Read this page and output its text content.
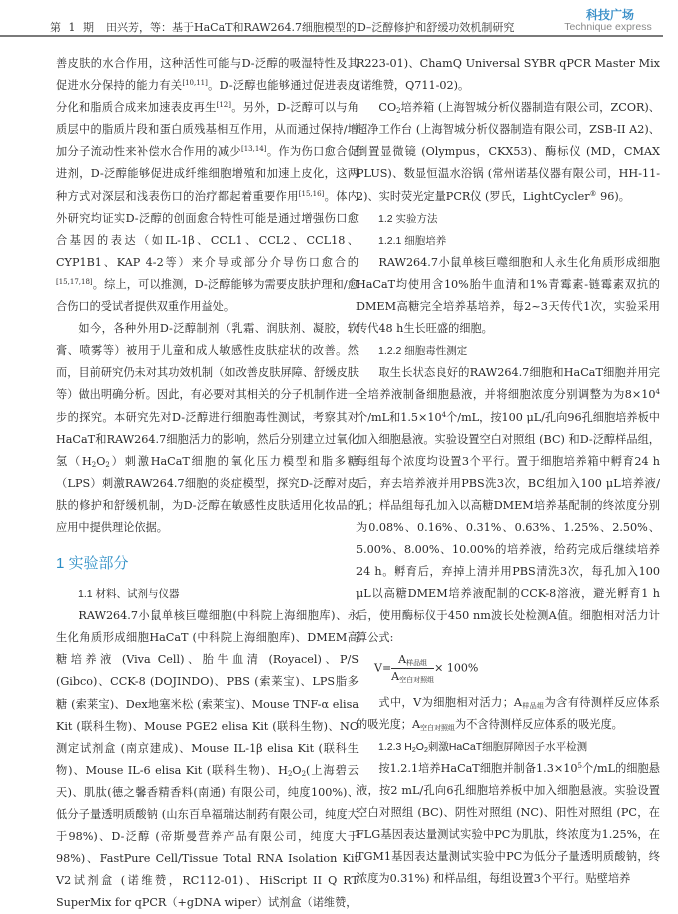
第 1 期 田兴芳，等：基于HaCaT和RAW264.7细胞模型的D–泛醇修护和舒缓功效机制研究
科技广场
Technique express

善皮肤的水合作用，这种活性可能与D-泛醇的吸湿特性及其促进水分保持的能力有关[10,11]。D-泛醇也能够通过促进表皮分化和脂质合成来加速表皮再生[12]。另外，D-泛醇可以与角质层中的脂质片段和蛋白质残基相互作用，从而通过保持/增加分子流动性来补偿水合作用的减少[13,14]。作为伤口愈合促进剂，D-泛醇能够促进成纤维细胞增殖和加速上皮化，这两种方式对深层和浅表伤口的治疗都起着重要作用[15,16]。体内外研究均证实D-泛醇的创面愈合特性可能是通过增强伤口愈合基因的表达（如IL-1β、CCL1、CCL2、CCL18、CYP1B1、KAP 4-2等）来介导或部分介导伤口愈合的[15,17,18]。综上，可以推测，D-泛醇能够为需要皮肤护理和/愈合伤口的受试者提供双重作用益处。

如今，各种外用D-泛醇制剂（乳霜、润肤剂、凝胶，软膏、喷雾等）被用于儿童和成人敏感性皮肤症状的改善。然而，目前研究仍未对其功效机制（如改善皮肤屏障、舒缓皮肤等）做出明确分析。因此，有必要对其相关的分子机制作进一步的探究。本研究先对D-泛醇进行细胞毒性测试，考察其对HaCaT和RAW264.7细胞活力的影响，然后分别建立过氧化氢$(H_2O_2)$刺激HaCaT细胞的氧化压力模型和脂多糖（LPS）刺激RAW264.7细胞的炎症模型，探究D-泛醇对皮肤的修护和舒缓机制，为D-泛醇在敏感性皮肤适用化妆品的应用中提供理论依据。

1 实验部分

1.1 材料、试剂与仪器

RAW264.7小鼠单核巨噬细胞(中科院上海细胞库)、永生化角质形成细胞HaCaT (中科院上海细胞库)、DMEM高糖培养液 (Viva Cell)、胎牛血清 (Royacel)、P/S (Gibco)、CCK-8 (DOJINDO)、PBS (索莱宝)、LPS脂多糖 (索莱宝)、Dex地塞米松 (索莱宝)、Mouse TNF-α elisa Kit (联科生物)、Mouse PGE2 elisa Kit (联科生物)、NO测定试剂盒 (南京建成)、Mouse IL-1β elisa Kit (联科生物)、Mouse IL-6 elisa Kit (联科生物)、$H_2O_2$(上海碧云天)、肌肽(德之馨香精香料(南通) 有限公司，纯度100%)、低分子量透明质酸钠 (山东百阜福瑞达制药有限公司，纯度大于98%)、D-泛醇 (帝斯曼营养产品有限公司，纯度大于98%)、FastPure Cell/Tissue Total RNA Isolation Kit V2试剂盒 (诺维赞，RC112-01)、HiScript II Q RT SuperMix for qPCR（+gDNA wiper）试剂盒（诺维赞，

R223-01)、ChamQ Universal SYBR qPCR Master Mix (诺维赞，Q711-02)。

$CO_2$培养箱 (上海智城分析仪器制造有限公司，ZCOR)、超净工作台 (上海智城分析仪器制造有限公司，ZSB-II A2)、倒置显微镜 (Olympus，CKX53)、酶标仪 (MD，CMAX PLUS)、数显恒温水浴锅 (常州诺基仪器有限公司，HH-11-2)、实时荧光定量PCR仪 (罗氏，LightCycler® 96)。

1.2 实验方法

1.2.1 细胞培养

RAW264.7小鼠单核巨噬细胞和人永生化角质形成细胞HaCaT均使用含10%胎牛血清和1%青霉素-链霉素双抗的DMEM高糖完全培养基培养，每2~3天传代1次，实验采用传代48 h生长旺盛的细胞。

1.2.2 细胞毒性测定

取生长状态良好的RAW264.7细胞和HaCaT细胞并用完全培养液制备细胞悬液，并将细胞浓度分别调整为为$8\times 10^4$个/mL和$1.5\times 10^4$个/mL，按100 μL/孔向96孔细胞培养板中加入细胞悬液。实验设置空白对照组 (BC) 和D-泛醇样品组，每组每个浓度均设置3个平行。置于细胞培养箱中孵育24 h后，弃去培养液并用PBS洗3次，BC组加入100 μL培养液/孔；样品组每孔加入以高糖DMEM培养基配制的终浓度分别为0.08%、0.16%、0.31%、0.63%、1.25%、2.50%、5.00%、8.00%、10.00%的培养液，给药完成后继续培养24 h。孵育后，弃掉上清并用PBS清洗3次，每孔加入100 μL以高糖DMEM培养液配制的CCK-8溶液，避光孵育1 h后，使用酶标仪于450 nm波长处检测A值。细胞相对活力计算公式:

$V= \frac{A_{样品组}}{A_{空白对照组}} \times 100\%$

式中，V为细胞相对活力；$A_{样品组}$为含有待测样反应体系的吸光度；$A_{空白对照组}$为不含待测样反应体系的吸光度。

1.2.3 $H_2O_2$刺激HaCaT细胞屏障因子水平检测

按1.2.1培养HaCaT细胞并制备$1.3\times 10^5$个/mL的细胞悬液，按2 mL/孔向6孔细胞培养板中加入细胞悬液。实验设置空白对照组 (BC)、阴性对照组 (NC)、阳性对照组 (PC，在FLG基因表达量测试实验中PC为肌肽，终浓度为1.25%，在TGM1基因表达量测试实验中PC为低分子量透明质酸钠，终浓度为0.31%) 和样品组，每组设置3个平行。贴壁培养
